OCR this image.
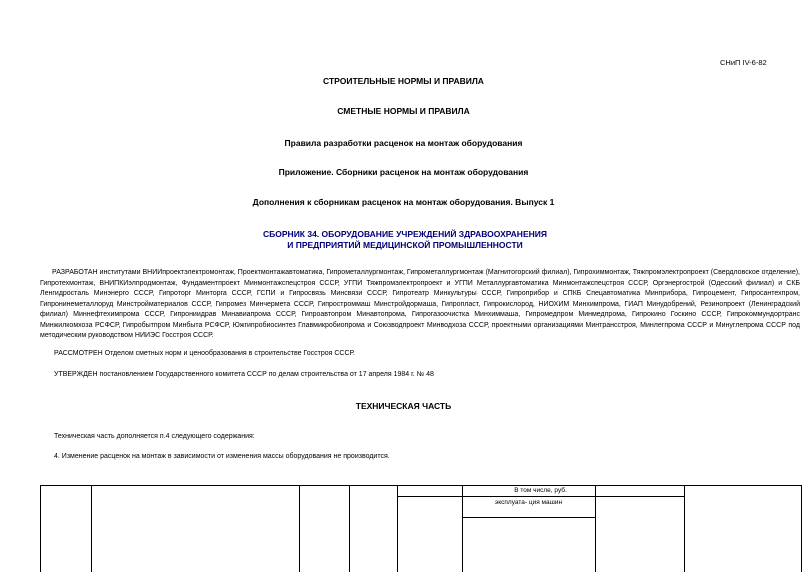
СНиП IV-6-82
СТРОИТЕЛЬНЫЕ НОРМЫ И ПРАВИЛА
СМЕТНЫЕ НОРМЫ И ПРАВИЛА
Правила разработки расценок на монтаж оборудования
Приложение. Сборники расценок на монтаж оборудования
Дополнения к сборникам расценок на монтаж оборудования. Выпуск 1
СБОРНИК 34. ОБОРУДОВАНИЕ УЧРЕЖДЕНИЙ ЗДРАВООХРАНЕНИЯ
И ПРЕДПРИЯТИЙ МЕДИЦИНСКОЙ ПРОМЫШЛЕННОСТИ

РАЗРАБОТАН институтами ВНИИпроектэлектромонтаж, Проектмонтажавтоматика, Гипрометаллургмонтаж, Гипрометаллургмонтаж (Магнитогорский филиал), Гипрохиммонтаж, Тяжпромэлектропроект (Свердловское отделение), Гипротехмонтаж, ВНИПКИэлпродмонтаж, Фундаментпроект Минмонтажспецстроя СССР, УГПИ Тяжпромэлектропроект и УГПИ Металлургавтоматика Минмонтажспецстроя СССР, Оргэнергострой (Одесский филиал) и СКБ Ленгидросталь Минэнерго СССР, Гипроторг Минторга СССР, ГСПИ и Гипросвязь Минсвязи СССР, Гипротеатр Минкультуры СССР, Гипроприбор и СПКБ Спецавтоматика Минприбора, Гипроцемент, Гипросантехпром, Гипронинеметаллоруд Минстройматериалов СССР, Гипромез Минчермета СССР, Гипростроммаш Минстройдормаша, Гипропласт, Гипрокислород, НИОХИМ Минхимпрома, ГИАП Минудобрений, Резинопроект (Ленинградский филиал) Миннефтехимпрома СССР, Гипрониидрав Минавиапрома СССР, Гипроавтопром Минавтопрома, Гипрогазоочистка Минхиммаша, Гипромедпром Минмедпрома, Гипрокино Госкино СССР, Гипрокоммундортранс Минжилкомхоза РСФСР, Гипробытпром Минбыта РСФСР, Южгипробиосинтез Главмикробиопрома и Союзводпроект Минводхоза СССР, проектными организациями Минтрансстроя, Минлегпрома СССР и Минуглепрома СССР под методическим руководством НИИЭС Госстроя СССР.

РАССМОТРЕН Отделом сметных норм и ценообразования в строительстве Госстроя СССР.
УТВЕРЖДЕН постановлением Государственного комитета СССР по делам строительства от 17 апреля 1984 г. № 48
ТЕХНИЧЕСКАЯ ЧАСТЬ
Техническая часть дополняется п.4 следующего содержания:
4. Изменение расценок на монтаж в зависимости от изменения массы оборудования не производится.
В том числе, руб.
эксплуата- ция машин
